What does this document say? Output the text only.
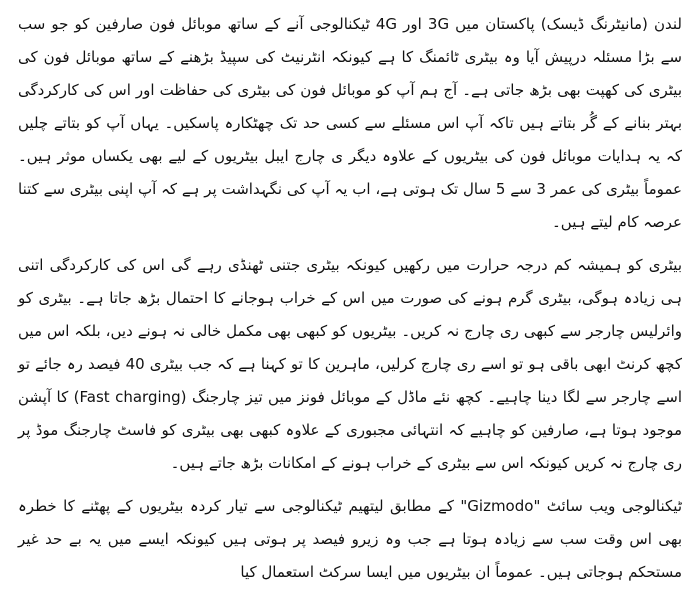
لندن (مانیٹرنگ ڈیسک) پاکستان میں 3G اور 4G ٹیکنالوجی آنے کے ساتھ موبائل فون صارفین کو جو سب سے بڑا مسئلہ درپیش آیا وہ بیٹری ٹائمنگ کا ہے کیونکہ انٹرنیٹ کی سپیڈ بڑھنے کے ساتھ موبائل فون کی بیٹری کی کھپت بھی بڑھ جاتی ہے۔ آج ہم آپ کو موبائل فون کی بیٹری کی حفاظت اور اس کی کارکردگی بہتر بنانے کے گُر بتاتے ہیں تاکہ آپ اس مسئلے سے کسی حد تک چھٹکارہ پاسکیں۔ یہاں آپ کو بتاتے چلیں کہ یہ ہدایات موبائل فون کی بیٹریوں کے علاوہ دیگر ی چارج ایبل بیٹریوں کے لیے بھی یکساں موثر ہیں۔ عموماً بیٹری کی عمر 3 سے 5 سال تک ہوتی ہے، اب یہ آپ کی نگہداشت پر ہے کہ آپ اپنی بیٹری سے کتنا عرصہ کام لیتے ہیں۔

بیٹری کو ہمیشہ کم درجہ حرارت میں رکھیں کیونکہ بیٹری جتنی ٹھنڈی رہے گی اس کی کارکردگی اتنی ہی زیادہ ہوگی، بیٹری گرم ہونے کی صورت میں اس کے خراب ہوجانے کا احتمال بڑھ جاتا ہے۔ بیٹری کو وائرلیس چارجر سے کبھی ری چارج نہ کریں۔ بیٹریوں کو کبھی بھی مکمل خالی نہ ہونے دیں، بلکہ اس میں کچھ کرنٹ ابھی باقی ہو تو اسے ری چارج کرلیں، ماہرین کا تو کہنا ہے کہ جب بیٹری 40 فیصد رہ جائے تو اسے چارجر سے لگا دینا چاہیے۔ کچھ نئے ماڈل کے موبائل فونز میں تیز چارجنگ (Fast charging) کا آپشن موجود ہوتا ہے، صارفین کو چاہیے کہ انتہائی مجبوری کے علاوہ کبھی بھی بیٹری کو فاسٹ چارجنگ موڈ پر ری چارج نہ کریں کیونکہ اس سے بیٹری کے خراب ہونے کے امکانات بڑھ جاتے ہیں۔

ٹیکنالوجی ویب سائٹ "Gizmodo" کے مطابق لیتھیم ٹیکنالوجی سے تیار کردہ بیٹریوں کے پھٹنے کا خطرہ بھی اس وقت سب سے زیادہ ہوتا ہے جب وہ زیرو فیصد پر ہوتی ہیں کیونکہ ایسے میں یہ بے حد غیر مستحکم ہوجاتی ہیں۔ عموماً ان بیٹریوں میں ایسا سرکٹ استعمال کیا
